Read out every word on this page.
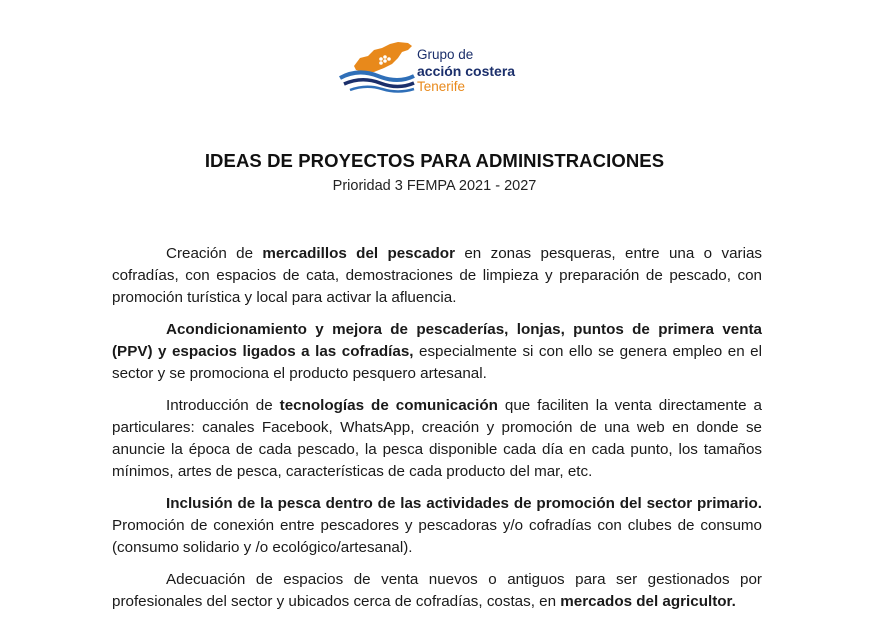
Grupo de
acción costera
Tenerife
IDEAS DE PROYECTOS PARA ADMINISTRACIONES
Prioridad 3 FEMPA 2021 - 2027

Creación de mercadillos del pescador en zonas pesqueras, entre una o varias cofradías, con espacios de cata, demostraciones de limpieza y preparación de pescado, con promoción turística y local para activar la afluencia.

Acondicionamiento y mejora de pescaderías, lonjas, puntos de primera venta (PPV) y espacios ligados a las cofradías, especialmente si con ello se genera empleo en el sector y se promociona el producto pesquero artesanal.

Introducción de tecnologías de comunicación que faciliten la venta directamente a particulares: canales Facebook, WhatsApp, creación y promoción de una web en donde se anuncie la época de cada pescado, la pesca disponible cada día en cada punto, los tamaños mínimos, artes de pesca, características de cada producto del mar, etc.

Inclusión de la pesca dentro de las actividades de promoción del sector primario. Promoción de conexión entre pescadores y pescadoras y/o cofradías con clubes de consumo (consumo solidario y /o ecológico/artesanal).

Adecuación de espacios de venta nuevos o antiguos para ser gestionados por profesionales del sector y ubicados cerca de cofradías, costas, en mercados del agricultor.
